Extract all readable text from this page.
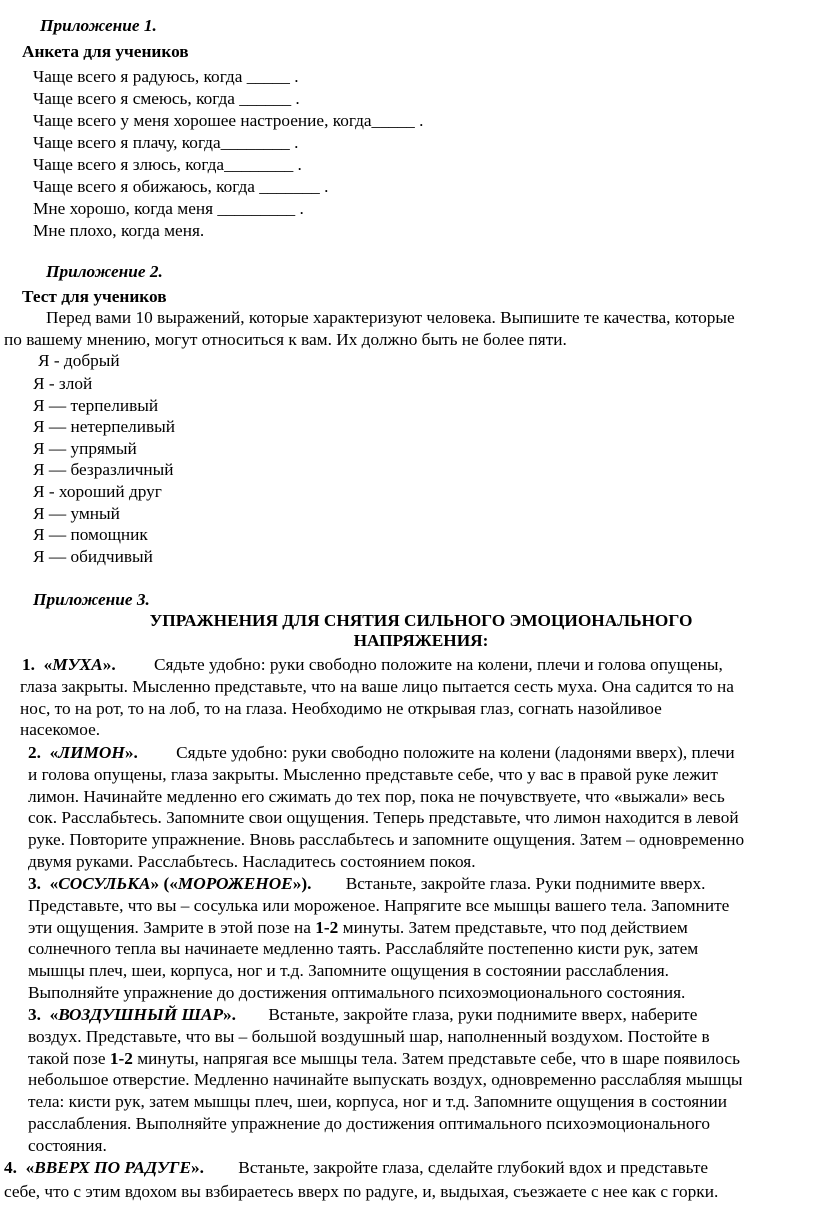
Приложение 1.
Анкета для учеников
Чаще всего я радуюсь, когда _____ .
Чаще всего я смеюсь, когда ______ .
Чаще всего у меня хорошее настроение, когда_____ .
Чаще всего я плачу, когда________ .
Чаще всего я злюсь, когда________ .
Чаще всего я обижаюсь, когда _______ .
Мне хорошо, когда меня _________ .
Мне плохо, когда меня.
Приложение 2.
Тест для учеников
Перед вами 10 выражений, которые характеризуют человека. Выпишите те качества, которые
по вашему мнению, могут относиться к вам. Их должно быть не более пяти.
Я - добрый
Я - злой
Я — терпеливый
Я — нетерпеливый
Я — упрямый
Я — безразличный
Я - хороший друг
Я — умный
Я — помощник
Я — обидчивый
Приложение 3.
УПРАЖНЕНИЯ ДЛЯ СНЯТИЯ СИЛЬНОГО ЭМОЦИОНАЛЬНОГО
НАПРЯЖЕНИЯ:
1. «МУХА». Сядьте удобно: руки свободно положите на колени, плечи и голова опущены,
глаза закрыты. Мысленно представьте, что на ваше лицо пытается сесть муха. Она садится то на
нос, то на рот, то на лоб, то на глаза. Необходимо не открывая глаз, согнать назойливое
насекомое.
2. «ЛИМОН». Сядьте удобно: руки свободно положите на колени (ладонями вверх), плечи
и голова опущены, глаза закрыты. Мысленно представьте себе, что у вас в правой руке лежит
лимон. Начинайте медленно его сжимать до тех пор, пока не почувствуете, что «выжали» весь
сок. Расслабьтесь. Запомните свои ощущения. Теперь представьте, что лимон находится в левой
руке. Повторите упражнение. Вновь расслабьтесь и запомните ощущения. Затем – одновременно
двумя руками. Расслабьтесь. Насладитесь состоянием покоя.
3. «СОСУЛЬКА» («МОРОЖЕНОЕ»). Встаньте, закройте глаза. Руки поднимите вверх.
Представьте, что вы – сосулька или мороженое. Напрягите все мышцы вашего тела. Запомните
эти ощущения. Замрите в этой позе на 1-2 минуты. Затем представьте, что под действием
солнечного тепла вы начинаете медленно таять. Расслабляйте постепенно кисти рук, затем
мышцы плеч, шеи, корпуса, ног и т.д. Запомните ощущения в состоянии расслабления.
Выполняйте упражнение до достижения оптимального психоэмоционального состояния.
3. «ВОЗДУШНЫЙ ШАР». Встаньте, закройте глаза, руки поднимите вверх, наберите
воздух. Представьте, что вы – большой воздушный шар, наполненный воздухом. Постойте в
такой позе 1-2 минуты, напрягая все мышцы тела. Затем представьте себе, что в шаре появилось
небольшое отверстие. Медленно начинайте выпускать воздух, одновременно расслабляя мышцы
тела: кисти рук, затем мышцы плеч, шеи, корпуса, ног и т.д. Запомните ощущения в состоянии
расслабления. Выполняйте упражнение до достижения оптимального психоэмоционального
состояния.
4. «ВВЕРХ ПО РАДУГЕ». Встаньте, закройте глаза, сделайте глубокий вдох и представьте
себе, что с этим вдохом вы взбираетесь вверх по радуге, и, выдыхая, съезжаете с нее как с горки.
